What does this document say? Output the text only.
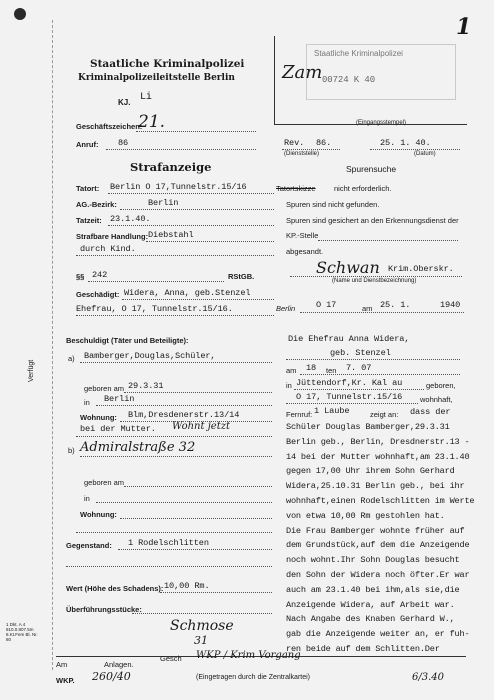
Verfügt
1 Dkt. A 4 810.0.807.5m 8.Kt.Fem Bl. Nr. 80
Staatliche Kriminalpolizei
Kriminalpolizeileitstelle Berlin
KJ. Li
1
Staatliche Kriminalpolizei
00724 K 40
Zam
(Eingangsstempel)
Geschäftszeichen:
21.
Anruf: 86	Rev. 86.
(Dienststelle)
25. 1. 40.
(Datum)
Strafanzeige	Spurensuche
Tatort: Berlin O 17,Tunnelstr.15/16	Tatortskizze
AG.-Bezirk:	Berlin
Tatzeit: 23.1.40.
Strafbare Handlung: Diebstahl
durch Kind.
§§ 242	RStGB.
Geschädigt: Widera, Anna, geb.Stenzel
Ehefrau, O 17, Tunnelstr.15/16.
nicht erforderlich.
Spuren sind nicht gefunden.
Spuren sind gesichert an den Erkennungsdienst der
KP.-Stelle
abgesandt.
Schwan Krim.Oberskr.
(Name und Dienstbezeichnung)
Berlin O 17	am 25. 1.	1940
Beschuldigt (Täter und Beteiligte):
a) Bamberger,Douglas,Schüler,
geboren am 29.3.31
in Berlin
Wohnung: Blm,Dresdenerstr.13/14
bei der Mutter. Wohnt jetzt
b) Admiralstraße 32
geboren am
in
Wohnung:
Gegenstand: 1 Rodelschlitten
Wert (Höhe des Schadens): 10,00 Rm.
Überführungsstücke:
Schmose
31
Die Ehefrau Anna Widera,
geb. Stenzel
am 18 ten 7. 07
in Jüttendorf,Kr. Kal au	geboren,
O 17, Tunnelstr.15/16 wohnhaft,
Fernruf: 1 Laube	zeigt an: dass der
Schüler Douglas Bamberger,29.3.31
Berlin geb., Berlin, Dresdnerstr.13 -
14 bei der Mutter wohnhaft,am 23.1.40
gegen 17,00 Uhr ihrem Sohn Gerhard
Widera,25.10.31 Berlin geb., bei ihr
wohnhaft,einen Rodelschlitten im Werte
von etwa 10,00 Rm gestohlen hat.
Die Frau Bamberger wohnte früher auf
dem Grundstück,auf dem die Anzeigende
noch wohnt.Ihr Sohn Douglas besucht
den Sohn der Widera noch öfter.Er war
auch am 23.1.40 bei ihm,als sie,die
Anzeigende Widera, auf Arbeit war.
Nach Angabe des Knaben Gerhard W.,
gab die Anzeigende weiter an, er fuh-
ren beide auf dem Schlitten.Der
Am	Anlagen.
Gesch WKP / Krim Vorgang
WKP. 260/40	(Eingetragen durch die Zentralkartei)	6/3.40
